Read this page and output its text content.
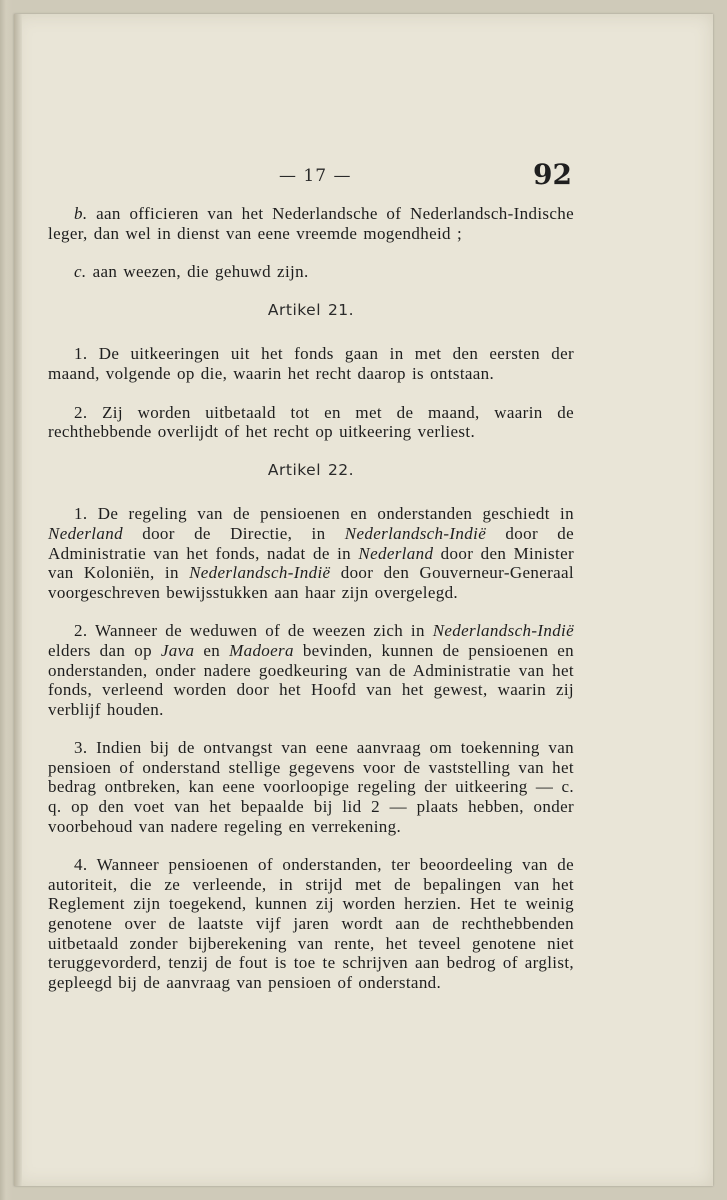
— 17 —	92

b. aan officieren van het Nederlandsche of Nederlandsch-Indische leger, dan wel in dienst van eene vreemde mogendheid ;

c. aan weezen, die gehuwd zijn.

Artikel 21.

1. De uitkeeringen uit het fonds gaan in met den eersten der maand, volgende op die, waarin het recht daarop is ontstaan.

2. Zij worden uitbetaald tot en met de maand, waarin de rechthebbende overlijdt of het recht op uitkeering verliest.

Artikel 22.

1. De regeling van de pensioenen en onderstanden geschiedt in Nederland door de Directie, in Nederlandsch-Indië door de Administratie van het fonds, nadat de in Nederland door den Minister van Koloniën, in Nederlandsch-Indië door den Gouverneur-Generaal voorgeschreven bewijsstukken aan haar zijn overgelegd.

2. Wanneer de weduwen of de weezen zich in Nederlandsch-Indië elders dan op Java en Madoera bevinden, kunnen de pensioenen en onderstanden, onder nadere goedkeuring van de Administratie van het fonds, verleend worden door het Hoofd van het gewest, waarin zij verblijf houden.

3. Indien bij de ontvangst van eene aanvraag om toekenning van pensioen of onderstand stellige gegevens voor de vaststelling van het bedrag ontbreken, kan eene voorloopige regeling der uitkeering — c. q. op den voet van het bepaalde bij lid 2 — plaats hebben, onder voorbehoud van nadere regeling en verrekening.

4. Wanneer pensioenen of onderstanden, ter beoordeeling van de autoriteit, die ze verleende, in strijd met de bepalingen van het Reglement zijn toegekend, kunnen zij worden herzien. Het te weinig genotene over de laatste vijf jaren wordt aan de rechthebbenden uitbetaald zonder bijberekening van rente, het teveel genotene niet teruggevorderd, tenzij de fout is toe te schrijven aan bedrog of arglist, gepleegd bij de aanvraag van pensioen of onderstand.
